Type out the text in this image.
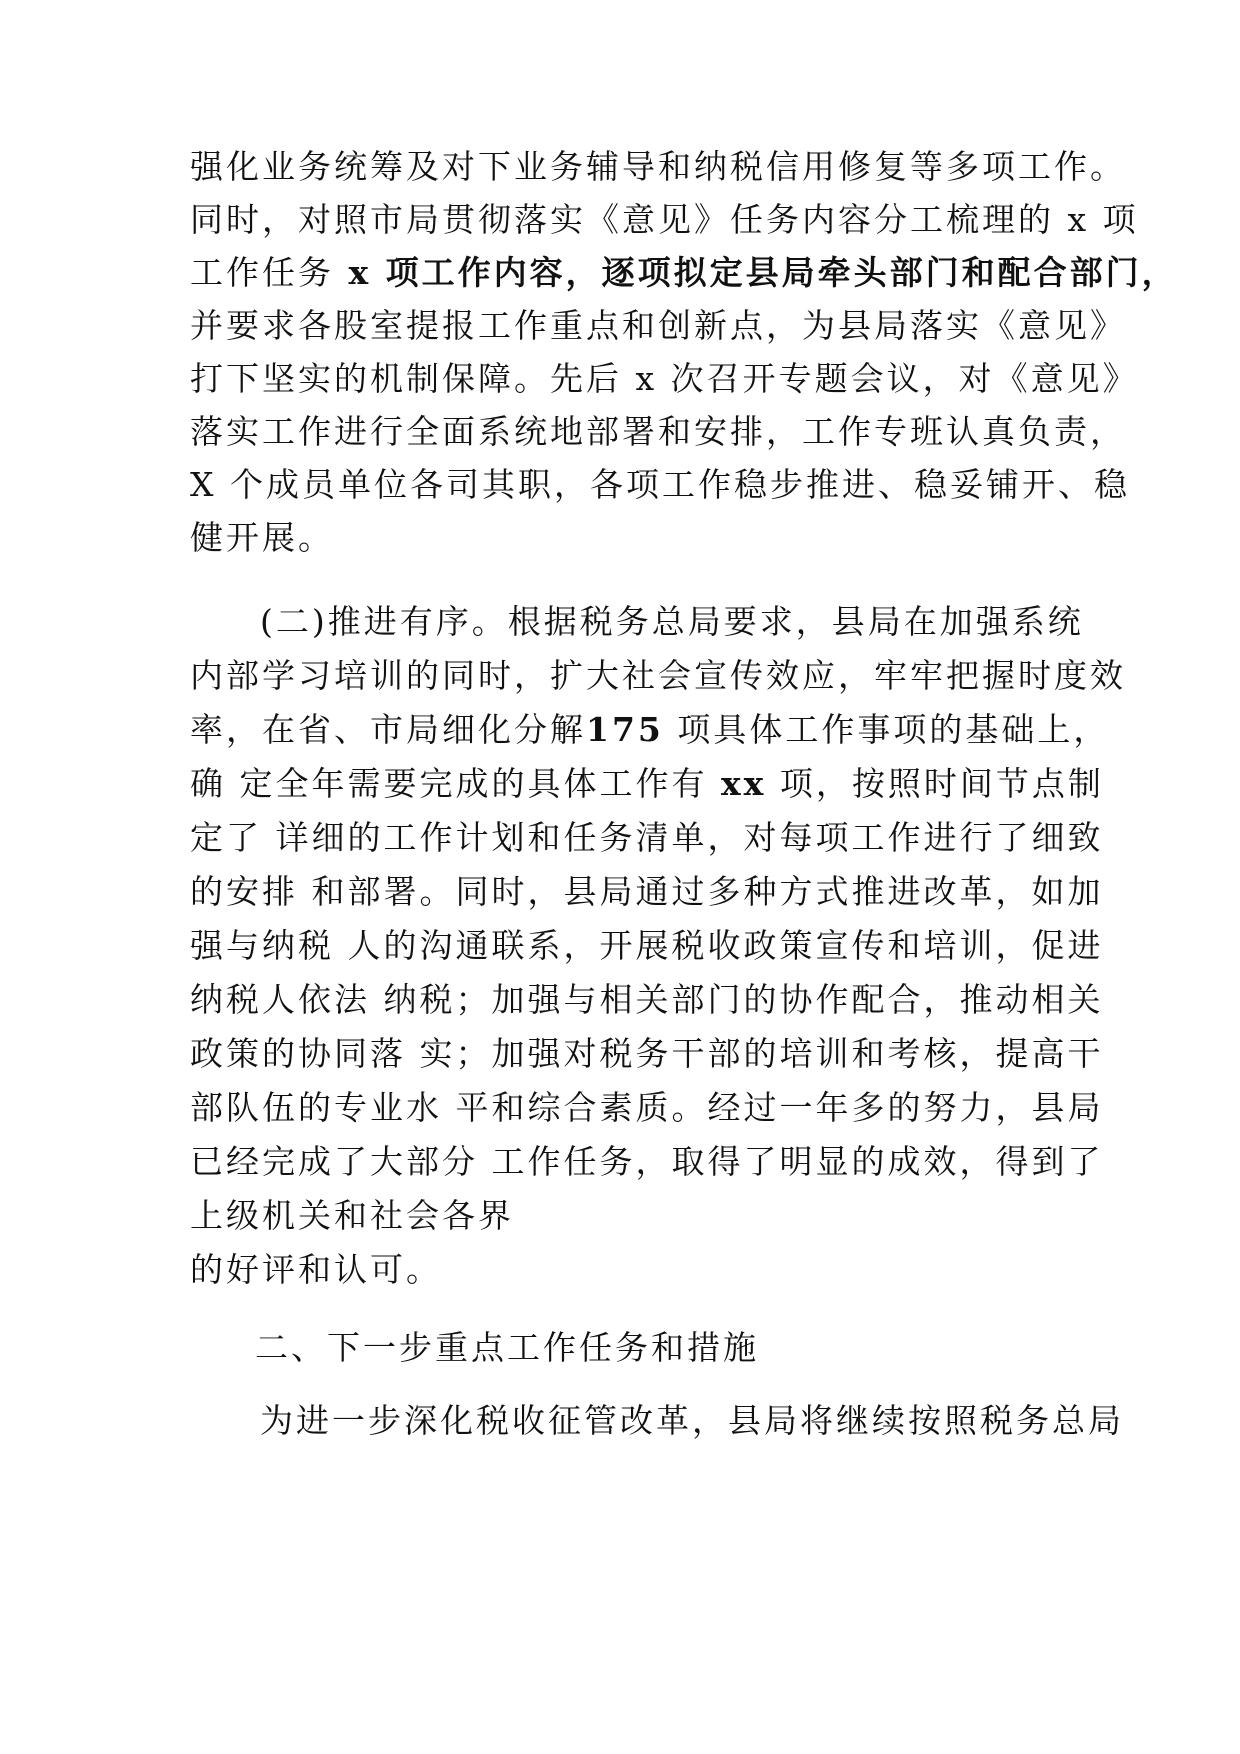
强化业务统筹及对下业务辅导和纳税信用修复等多项工作。
同时，对照市局贯彻落实《意见》任务内容分工梳理的 x 项
工作任务 x 项工作内容，逐项拟定县局牵头部门和配合部门，
并要求各股室提报工作重点和创新点，为县局落实《意见》
打下坚实的机制保障。先后 x 次召开专题会议，对《意见》
落实工作进行全面系统地部署和安排，工作专班认真负责，
X 个成员单位各司其职，各项工作稳步推进、稳妥铺开、稳
健开展。
(二)推进有序。根据税务总局要求，县局在加强系统
内部学习培训的同时，扩大社会宣传效应，牢牢把握时度效
率，在省、市局细化分解175 项具体工作事项的基础上，
确 定全年需要完成的具体工作有 xx 项，按照时间节点制
定了 详细的工作计划和任务清单，对每项工作进行了细致
的安排 和部署。同时，县局通过多种方式推进改革，如加
强与纳税 人的沟通联系，开展税收政策宣传和培训，促进
纳税人依法 纳税；加强与相关部门的协作配合，推动相关
政策的协同落 实；加强对税务干部的培训和考核，提高干
部队伍的专业水 平和综合素质。经过一年多的努力，县局
已经完成了大部分 工作任务，取得了明显的成效，得到了
上级机关和社会各界
的好评和认可。
二、下一步重点工作任务和措施
为进一步深化税收征管改革，县局将继续按照税务总局
